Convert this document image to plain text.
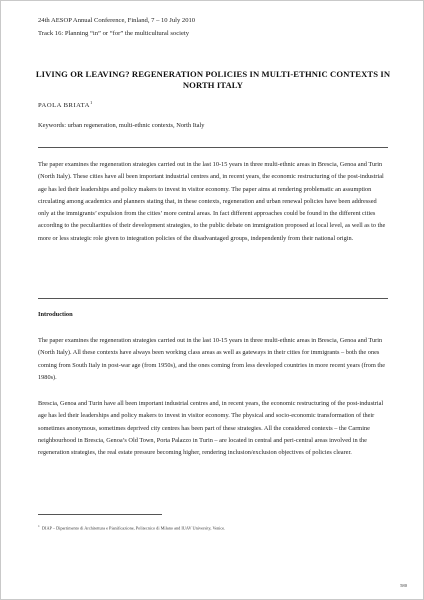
24th AESOP Annual Conference, Finland, 7 – 10 July 2010
Track 16: Planning “in” or “for” the multicultural society
LIVING OR LEAVING? REGENERATION POLICIES IN MULTI-ETHNIC CONTEXTS IN NORTH ITALY
PAOLA BRIATA$^1$
Keywords: urban regeneration, multi-ethnic contexts, North Italy

The paper examines the regeneration strategies carried out in the last 10-15 years in three multi-ethnic areas in Brescia, Genoa and Turin (North Italy). These cities have all been important industrial centres and, in recent years, the economic restructuring of the post-industrial age has led their leaderships and policy makers to invest in visitor economy. The paper aims at rendering problematic an assumption circulating among academics and planners stating that, in these contexts, regeneration and urban renewal policies have been addressed only at the immigrants’ expulsion from the cities’ more central areas. In fact different approaches could be found in the different cities according to the peculiarities of their development strategies, to the public debate on immigration proposed at local level, as well as to the more or less strategic role given to integration policies of the disadvantaged groups, independently from their national origin.

Introduction

The paper examines the regeneration strategies carried out in the last 10-15 years in three multi-ethnic areas in Brescia, Genoa and Turin (North Italy). All these contexts have always been working class areas as well as gateways in their cities for immigrants – both the ones coming from South Italy in post-war age (from 1950s), and the ones coming from less developed countries in more recent years (from the 1980s).

Brescia, Genoa and Turin have all been important industrial centres and, in recent years, the economic restructuring of the post-industrial age has led their leaderships and policy makers to invest in visitor economy. The physical and socio-economic transformation of their sometimes anonymous, sometimes deprived city centres has been part of these strategies. All the considered contexts – the Carmine neighbourhood in Brescia, Genoa’s Old Town, Porta Palazzo in Turin – are located in central and peri-central areas involved in the regeneration strategies, the real estate pressure becoming higher, rendering inclusion/exclusion objectives of policies clearer.

$^1$ DIAP – Dipartimento di Architettura e Pianificazione, Politecnico di Milano and IUAV University, Venice.
580
